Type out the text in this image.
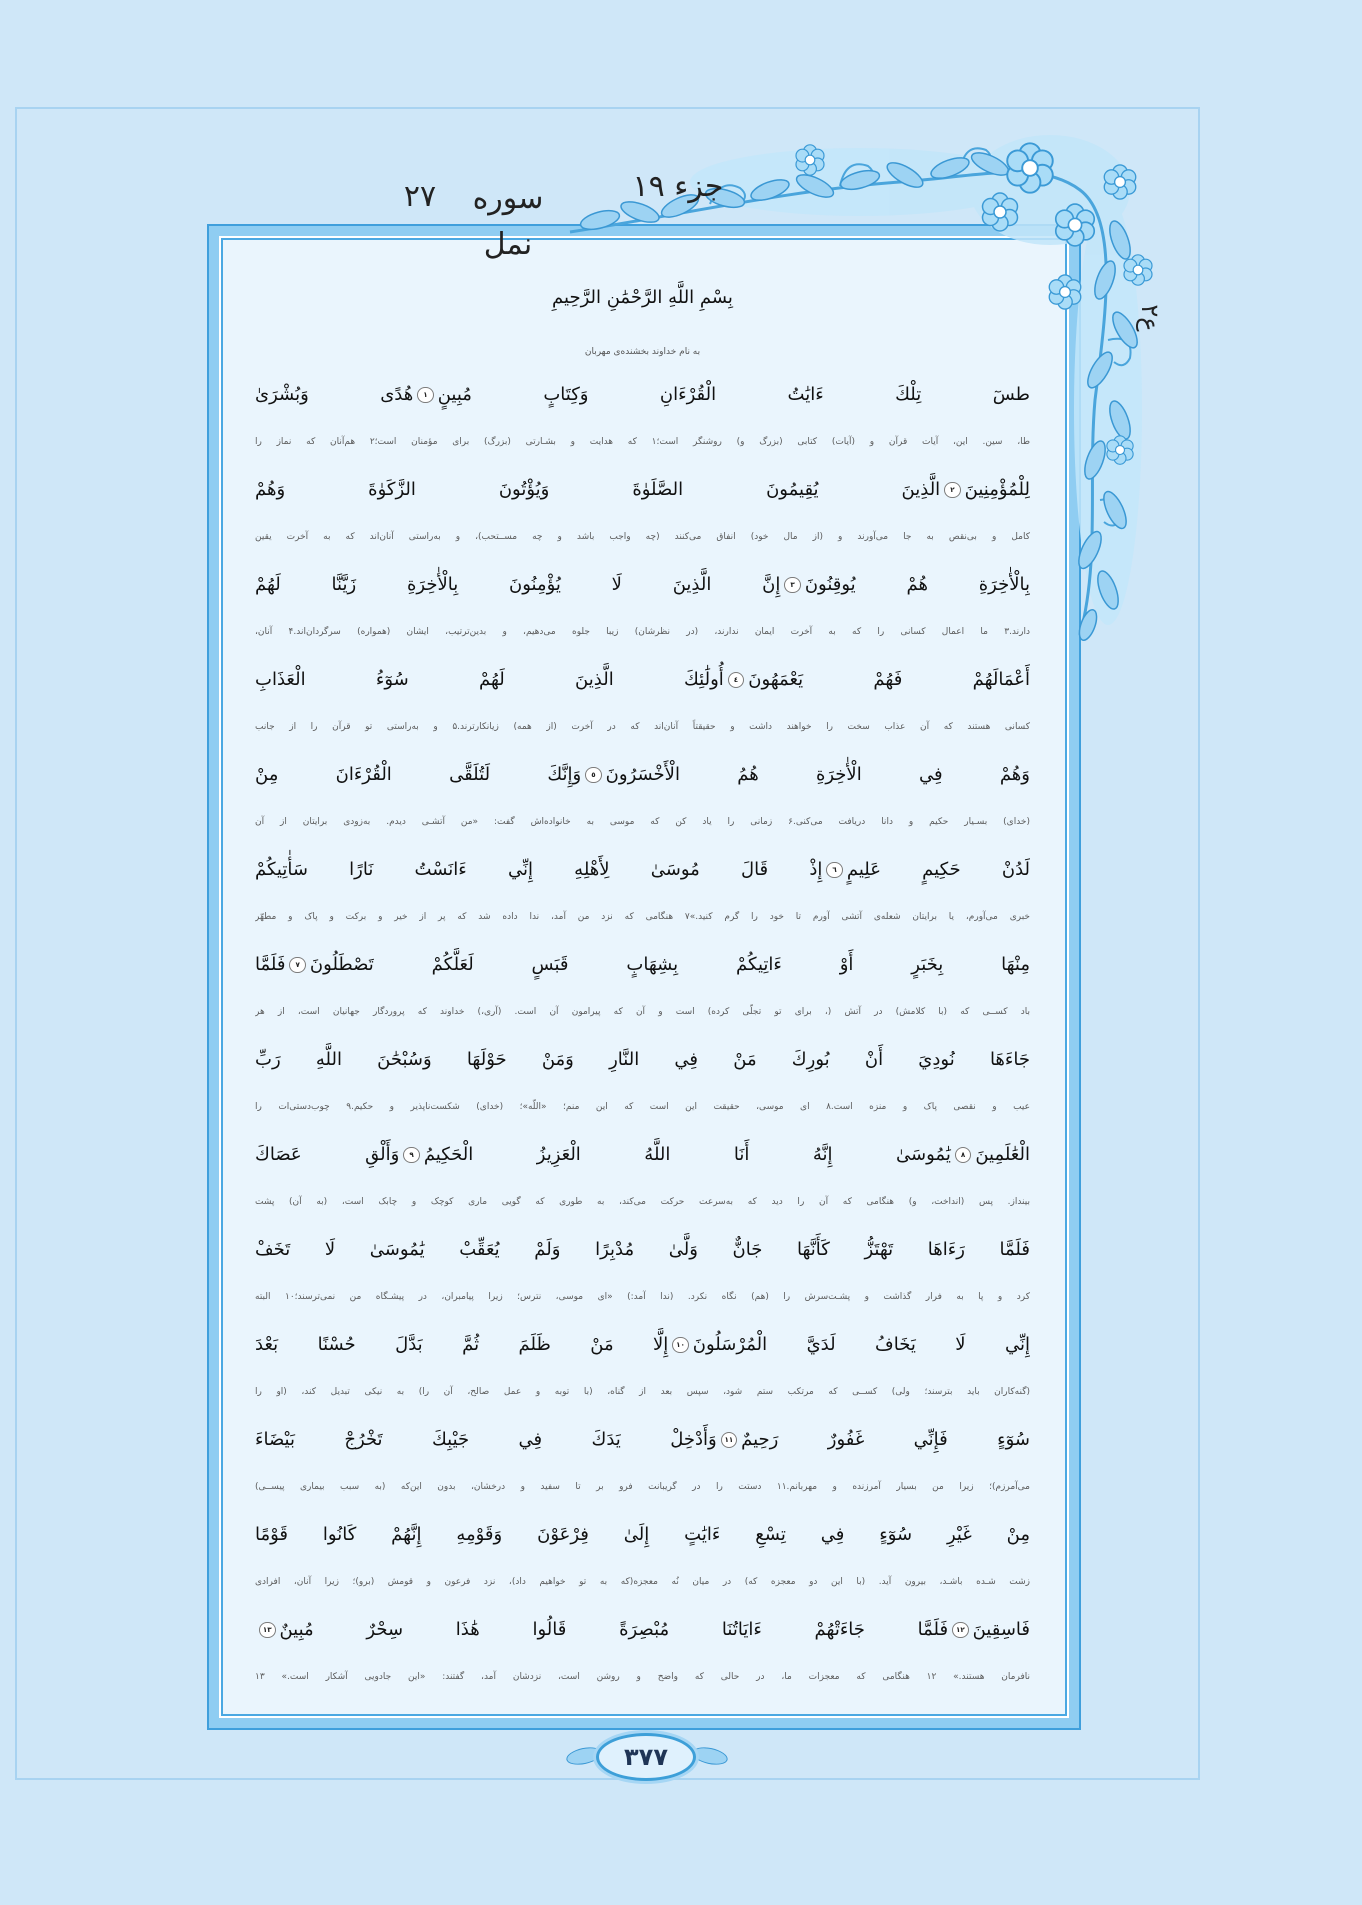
جزء ۱۹
سوره نمل
۲۷
ع۲
بِسْمِ اللَّهِ الرَّحْمَٰنِ الرَّحِيمِ
به نام خداوند بخشنده‌ی مهربان
طسٓ تِلْكَ ءَايَٰتُ الْقُرْءَانِ وَكِتَابٍ مُبِينٍ١هُدًى وَبُشْرَىٰ
طا، سین. این، آیات قرآن و (آیات) کتابی (بزرگ و) روشنگر است؛۱ که هدایت و بشـارتی (بزرگ) برای مؤمنان است؛۲ هم‌آنان که نماز را
لِلْمُؤْمِنِينَ٢الَّذِينَ يُقِيمُونَ الصَّلَوٰةَ وَيُؤْتُونَ الزَّكَوٰةَ وَهُمْ
کامل و بی‌نقص به جا می‌آورند و (از مال خود) انفاق می‌کنند (چه واجب باشد و چه مســتحب)، و به‌راستی آنان‌اند که به آخرت یقین
بِالْأٰخِرَةِ هُمْ يُوقِنُونَ٣إِنَّ الَّذِينَ لَا يُؤْمِنُونَ بِالْأٰخِرَةِ زَيَّنَّا لَهُمْ
دارند.۳ ما اعمال کسانی را که به آخرت ایمان ندارند، (در نظرشان) زیبا جلوه می‌دهیم، و بدین‌ترتیب، ایشان (همواره) سرگردان‌اند.۴ آنان،
أَعْمَالَهُمْ فَهُمْ يَعْمَهُونَ٤أُولَٰئِكَ الَّذِينَ لَهُمْ سُوٓءُ الْعَذَابِ
کسانی هستند که آن عذاب سخت را خواهند داشت و حقیقتاً آنان‌اند که در آخرت (از همه) زیانکارترند.۵ و به‌راستی تو قرآن را از جانب
وَهُمْ فِي الْأٰخِرَةِ هُمُ الْأَخْسَرُونَ٥وَإِنَّكَ لَتُلَقَّى الْقُرْءَانَ مِنْ
(خدای) بسـیار حکیم و دانا دریافت می‌کنی.۶ زمانی را یاد کن که موسی به خانواده‌اش گفت: «من آتشـی دیدم. به‌زودی برایتان از آن
لَدُنْ حَكِيمٍ عَلِيمٍ٦إِذْ قَالَ مُوسَىٰ لِأَهْلِهِ إِنِّي ءَانَسْتُ نَارًا سَأٰتِيكُمْ
خبری می‌آورم، یا برایتان شعله‌ی آتشی آورم تا خود را گرم کنید.»۷ هنگامی که نزد من آمد، ندا داده شد که پر از خیر و برکت و پاک و مطهّر
مِنْهَا بِخَبَرٍ أَوْ ءَاتِيكُمْ بِشِهَابٍ قَبَسٍ لَعَلَّكُمْ تَصْطَلُونَ٧فَلَمَّا
باد کســی که (با کلامش) در آتش (، برای تو تجلّی کرده) است و آن که پیرامون آن است. (آری،) خداوند که پروردگار جهانیان است، از هر
جَاءَهَا نُودِيَ أَنْ بُورِكَ مَنْ فِي النَّارِ وَمَنْ حَوْلَهَا وَسُبْحَٰنَ اللَّهِ رَبِّ
عیب و نقصی پاک و منزه است.۸ ای موسی، حقیقت این است که این منم؛ «اللّه»؛ (خدای) شکست‌ناپذیر و حکیم.۹ چوب‌دستی‌ات را
الْعَٰلَمِينَ٨يَٰمُوسَىٰ إِنَّهُ أَنَا اللَّهُ الْعَزِيزُ الْحَكِيمُ٩وَأَلْقِ عَصَاكَ
بینداز. پس (انداخت، و) هنگامی که آن را دید که به‌سرعت حرکت می‌کند، به طوری که گویی ماری کوچک و چابک است، (به آن) پشت
فَلَمَّا رَءَاهَا تَهْتَزُّ كَأَنَّهَا جَانٌّ وَلَّىٰ مُدْبِرًا وَلَمْ يُعَقِّبْ يَٰمُوسَىٰ لَا تَخَفْ
کرد و پا به فرار گذاشت و پشـت‌سرش را (هم) نگاه نکرد. (ندا آمد:) «ای موسی، نترس؛ زیرا پیامبران، در پیشـگاه من نمی‌ترسند؛۱۰ البته
إِنِّي لَا يَخَافُ لَدَيَّ الْمُرْسَلُونَ١٠إِلَّا مَنْ ظَلَمَ ثُمَّ بَدَّلَ حُسْنًا بَعْدَ
(گنه‌کاران باید بترسند؛ ولی) کســی که مرتکب ستم شود، سپس بعد از گناه، (با توبه و عمل صالح، آن را) به نیکی تبدیل کند، (او را
سُوٓءٍ فَإِنِّي غَفُورٌ رَحِيمٌ١١وَأَدْخِلْ يَدَكَ فِي جَيْبِكَ تَخْرُجْ بَيْضَاءَ
می‌آمرزم)؛ زیرا من بسیار آمرزنده و مهربانم.۱۱ دستت را در گریبانت فرو بر تا سفید و درخشان، بدون این‌که (به سبب بیماری پیســی)
مِنْ غَيْرِ سُوٓءٍ فِي تِسْعِ ءَايَٰتٍ إِلَىٰ فِرْعَوْنَ وَقَوْمِهِ إِنَّهُمْ كَانُوا قَوْمًا
زشت شـده باشـد، بیرون آید. (با این دو معجزه که) در میان نُه معجزه(که به تو خواهیم داد)، نزد فرعون و قومش (برو)؛ زیرا آنان، افرادی
فَاسِقِينَ١٢فَلَمَّا جَاءَتْهُمْ ءَايَاتُنَا مُبْصِرَةً قَالُوا هَٰذَا سِحْرٌ مُبِينٌ١٣
نافرمان هستند.» ۱۲ هنگامی که معجزات ما، در حالی که واضح و روشن است، نزدشان آمد، گفتند: «این جادویی آشکار است.» ۱۳
۳۷۷
